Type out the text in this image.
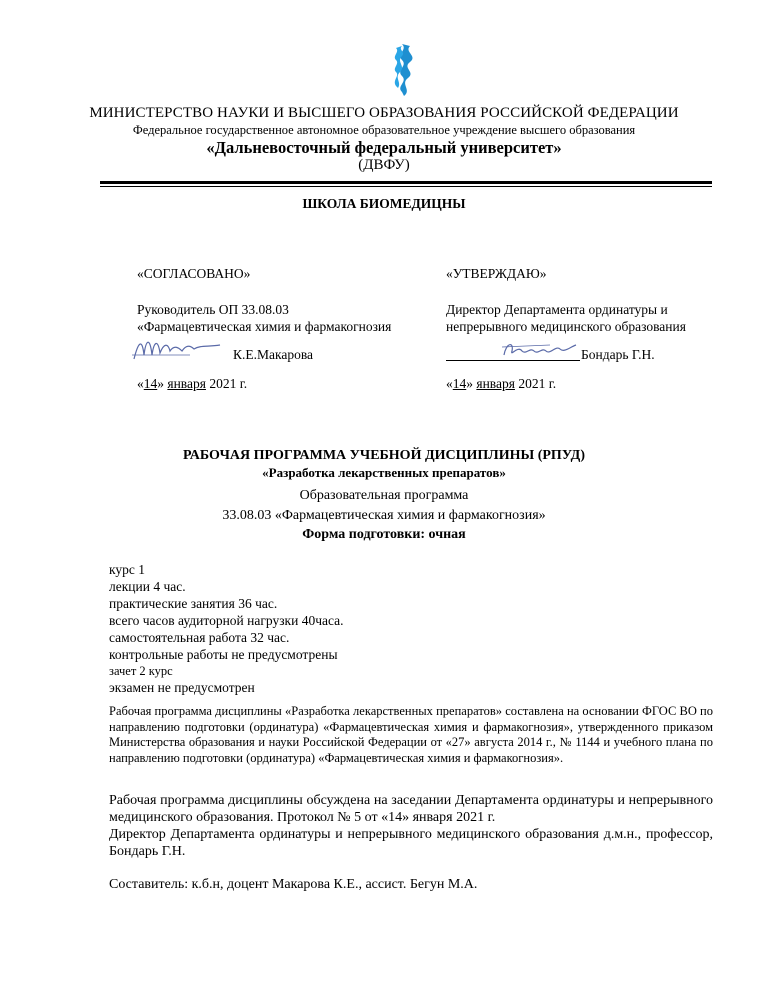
МИНИСТЕРСТВО НАУКИ И ВЫСШЕГО ОБРАЗОВАНИЯ РОССИЙСКОЙ ФЕДЕРАЦИИ
Федеральное государственное автономное образовательное учреждение высшего образования
«Дальневосточный федеральный университет»
(ДВФУ)
ШКОЛА БИОМЕДИЦНЫ
«СОГЛАСОВАНО»
Руководитель ОП 33.08.03
«Фармацевтическая химия и фармакогнозия
К.Е.Макарова
«14» января 2021 г.
«УТВЕРЖДАЮ»
Директор Департамента ординатуры и
непрерывного медицинского образования
Бондарь Г.Н.
«14» января 2021 г.
РАБОЧАЯ ПРОГРАММА УЧЕБНОЙ ДИСЦИПЛИНЫ (РПУД)
«Разработка лекарственных препаратов»
Образовательная программа
33.08.03 «Фармацевтическая химия и фармакогнозия»
Форма подготовки: очная
курс 1
лекции 4 час.
практические занятия 36 час.
всего часов аудиторной нагрузки 40часа.
самостоятельная работа 32 час.
контрольные работы не предусмотрены
зачет 2 курс
экзамен не предусмотрен
Рабочая программа дисциплины «Разработка лекарственных препаратов» составлена на основании ФГОС ВО по направлению подготовки (ординатура) «Фармацевтическая химия и фармакогнозия», утвержденного приказом Министерства образования и науки Российской Федерации от «27» августа 2014 г., № 1144 и учебного плана по направлению подготовки (ординатура) «Фармацевтическая химия и фармакогнозия».
Рабочая программа дисциплины обсуждена на заседании Департамента ординатуры и непрерывного медицинского образования. Протокол № 5 от «14» января 2021 г.
Директор Департамента ординатуры и непрерывного медицинского образования д.м.н., профессор, Бондарь Г.Н.
Составитель: к.б.н, доцент Макарова К.Е., ассист. Бегун М.А.
